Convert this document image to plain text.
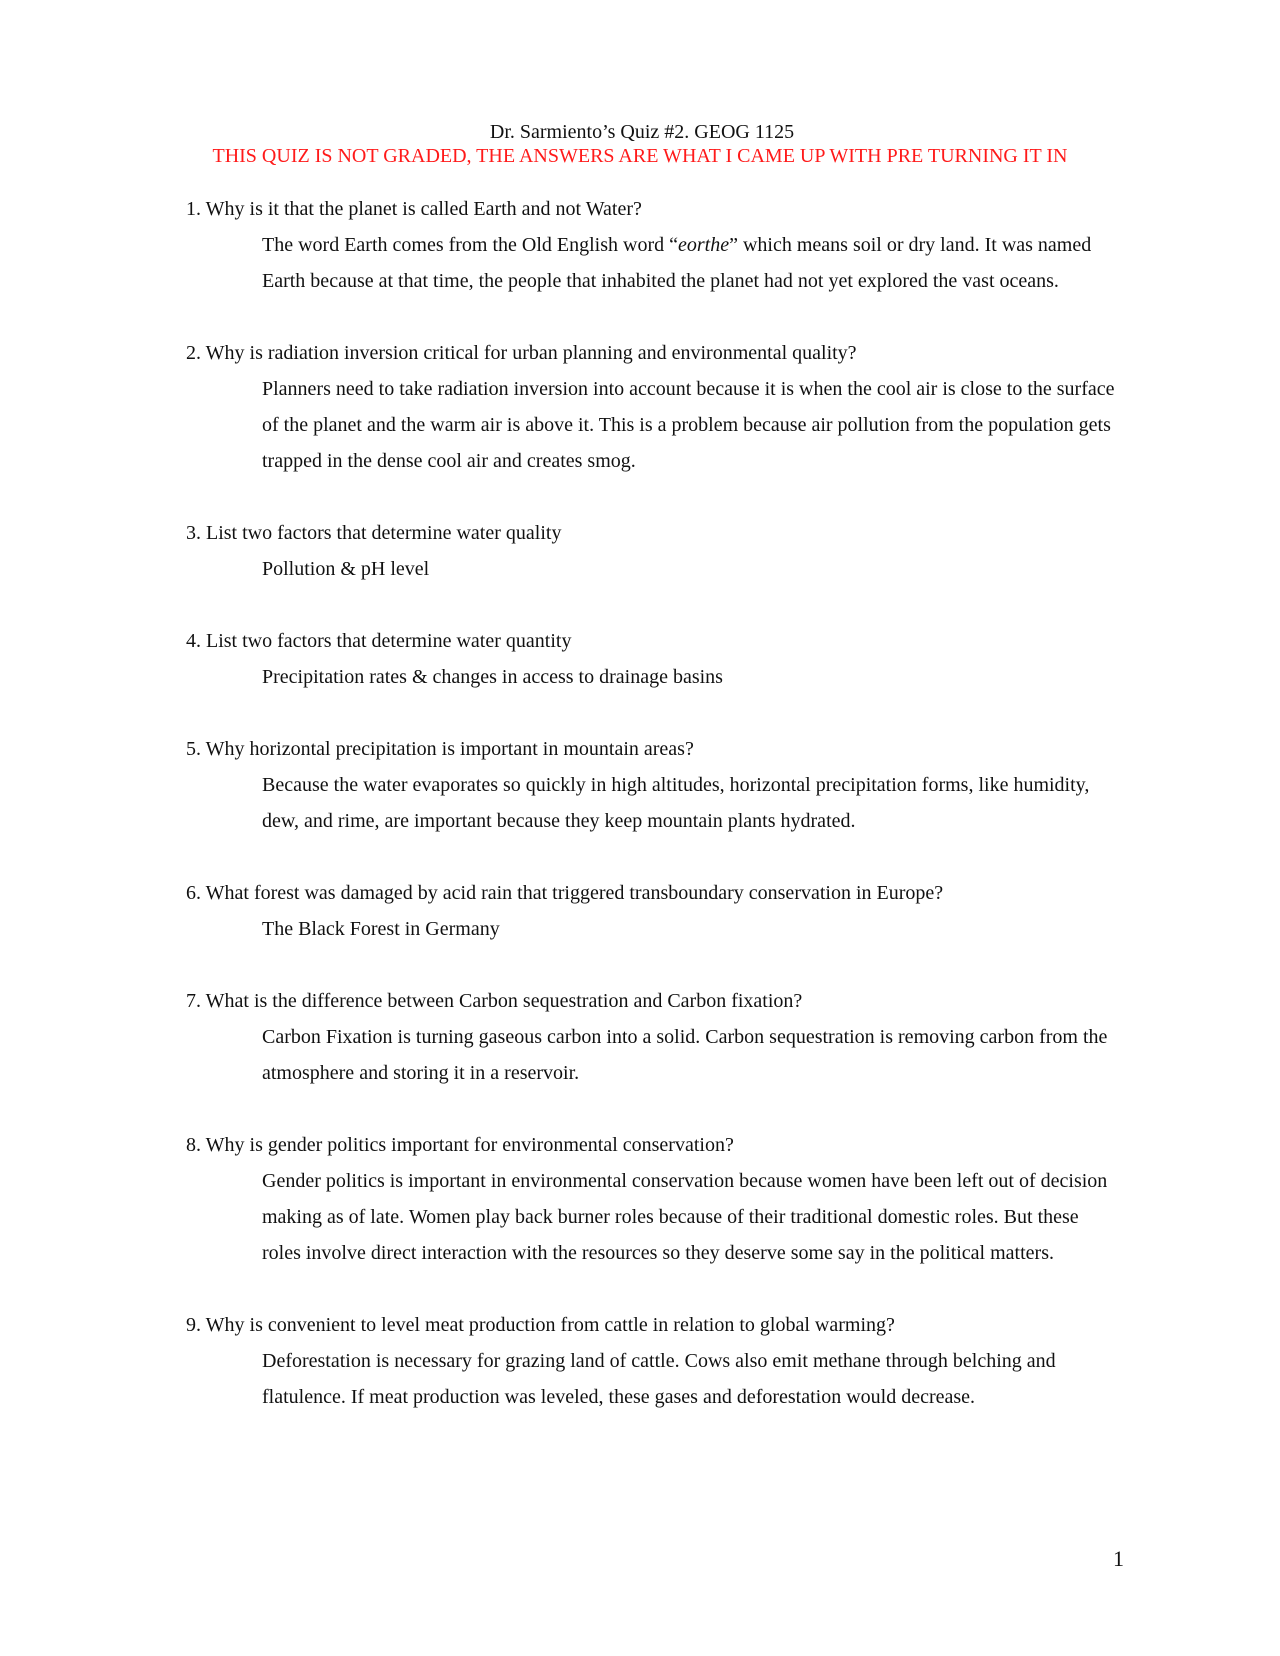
Dr. Sarmiento’s Quiz #2. GEOG 1125
THIS QUIZ IS NOT GRADED, THE ANSWERS ARE WHAT I CAME UP WITH PRE TURNING IT IN
1. Why is it that the planet is called Earth and not Water?
The word Earth comes from the Old English word “eorthe” which means soil or dry land. It was named Earth because at that time, the people that inhabited the planet had not yet explored the vast oceans.
2. Why is radiation inversion critical for urban planning and environmental quality?
Planners need to take radiation inversion into account because it is when the cool air is close to the surface of the planet and the warm air is above it. This is a problem because air pollution from the population gets trapped in the dense cool air and creates smog.
3. List two factors that determine water quality
Pollution & pH level
4. List two factors that determine water quantity
Precipitation rates & changes in access to drainage basins
5. Why horizontal precipitation is important in mountain areas?
Because the water evaporates so quickly in high altitudes, horizontal precipitation forms, like humidity, dew, and rime, are important because they keep mountain plants hydrated.
6. What forest was damaged by acid rain that triggered transboundary conservation in Europe?
The Black Forest in Germany
7. What is the difference between Carbon sequestration and Carbon fixation?
Carbon Fixation is turning gaseous carbon into a solid. Carbon sequestration is removing carbon from the atmosphere and storing it in a reservoir.
8. Why is gender politics important for environmental conservation?
Gender politics is important in environmental conservation because women have been left out of decision making as of late. Women play back burner roles because of their traditional domestic roles. But these roles involve direct interaction with the resources so they deserve some say in the political matters.
9. Why is convenient to level meat production from cattle in relation to global warming?
Deforestation is necessary for grazing land of cattle. Cows also emit methane through belching and flatulence. If meat production was leveled, these gases and deforestation would decrease.
1
